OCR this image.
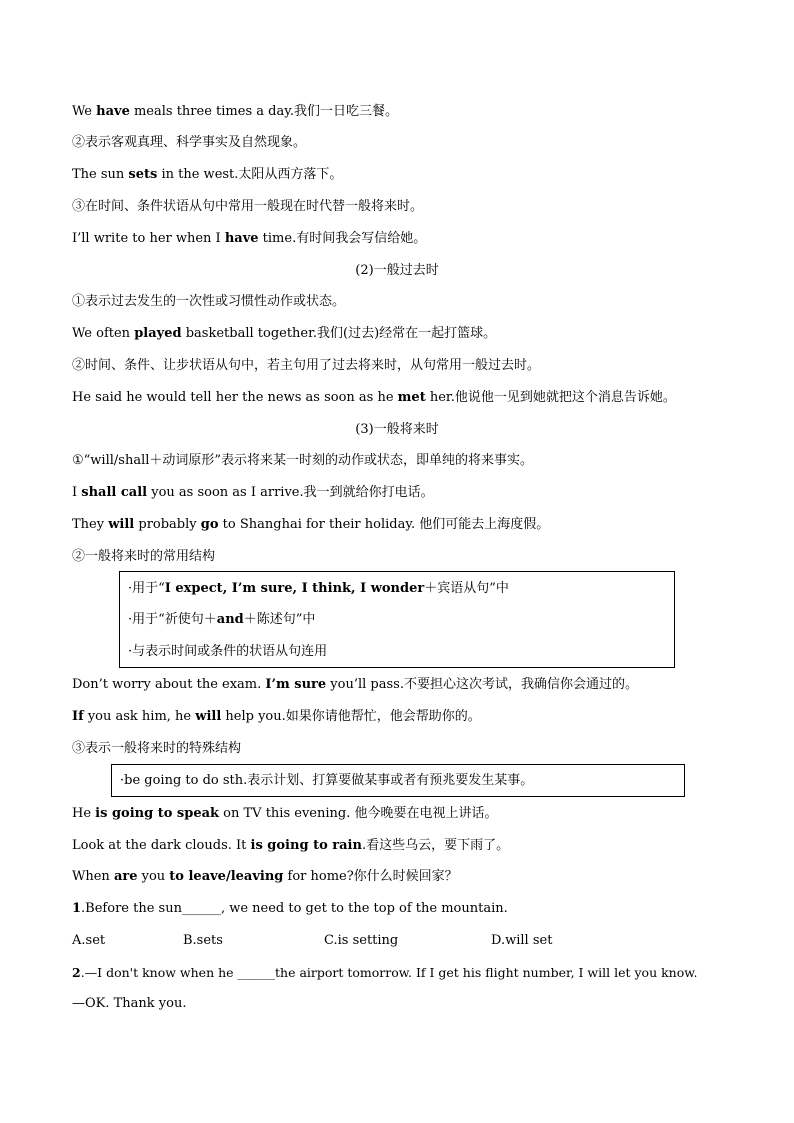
We have meals three times a day.我们一日吃三餐。
②表示客观真理、科学事实及自然现象。
The sun sets in the west.太阳从西方落下。
③在时间、条件状语从句中常用一般现在时代替一般将来时。
I’ll write to her when I have time.有时间我会写信给她。
(2)一般过去时
①表示过去发生的一次性或习惯性动作或状态。
We often played basketball together.我们(过去)经常在一起打篮球。
②时间、条件、让步状语从句中，若主句用了过去将来时，从句常用一般过去时。
He said he would tell her the news as soon as he met her.他说他一见到她就把这个消息告诉她。
(3)一般将来时
①“will/shall＋动词原形”表示将来某一时刻的动作或状态，即单纯的将来事实。
I shall call you as soon as I arrive.我一到就给你打电话。
They will probably go to Shanghai for their holiday. 他们可能去上海度假。
②一般将来时的常用结构
·用于“I expect, I’m sure, I think, I wonder＋宾语从句”中
·用于“祈使句＋and＋陈述句”中
·与表示时间或条件的状语从句连用
Don’t worry about the exam. I’m sure you’ll pass.不要担心这次考试，我确信你会通过的。
If you ask him, he will help you.如果你请他帮忙，他会帮助你的。
③表示一般将来时的特殊结构
·be going to do sth.表示计划、打算要做某事或者有预兆要发生某事。
He is going to speak on TV this evening. 他今晚要在电视上讲话。
Look at the dark clouds. It is going to rain.看这些乌云，要下雨了。
When are you to leave/leaving for home?你什么时候回家？
1.Before the sun______, we need to get to the top of the mountain.
A.set	B.sets	C.is setting	D.will set
2.—I don't know when he ______the airport tomorrow. If I get his flight number, I will let you know.
—OK. Thank you.
